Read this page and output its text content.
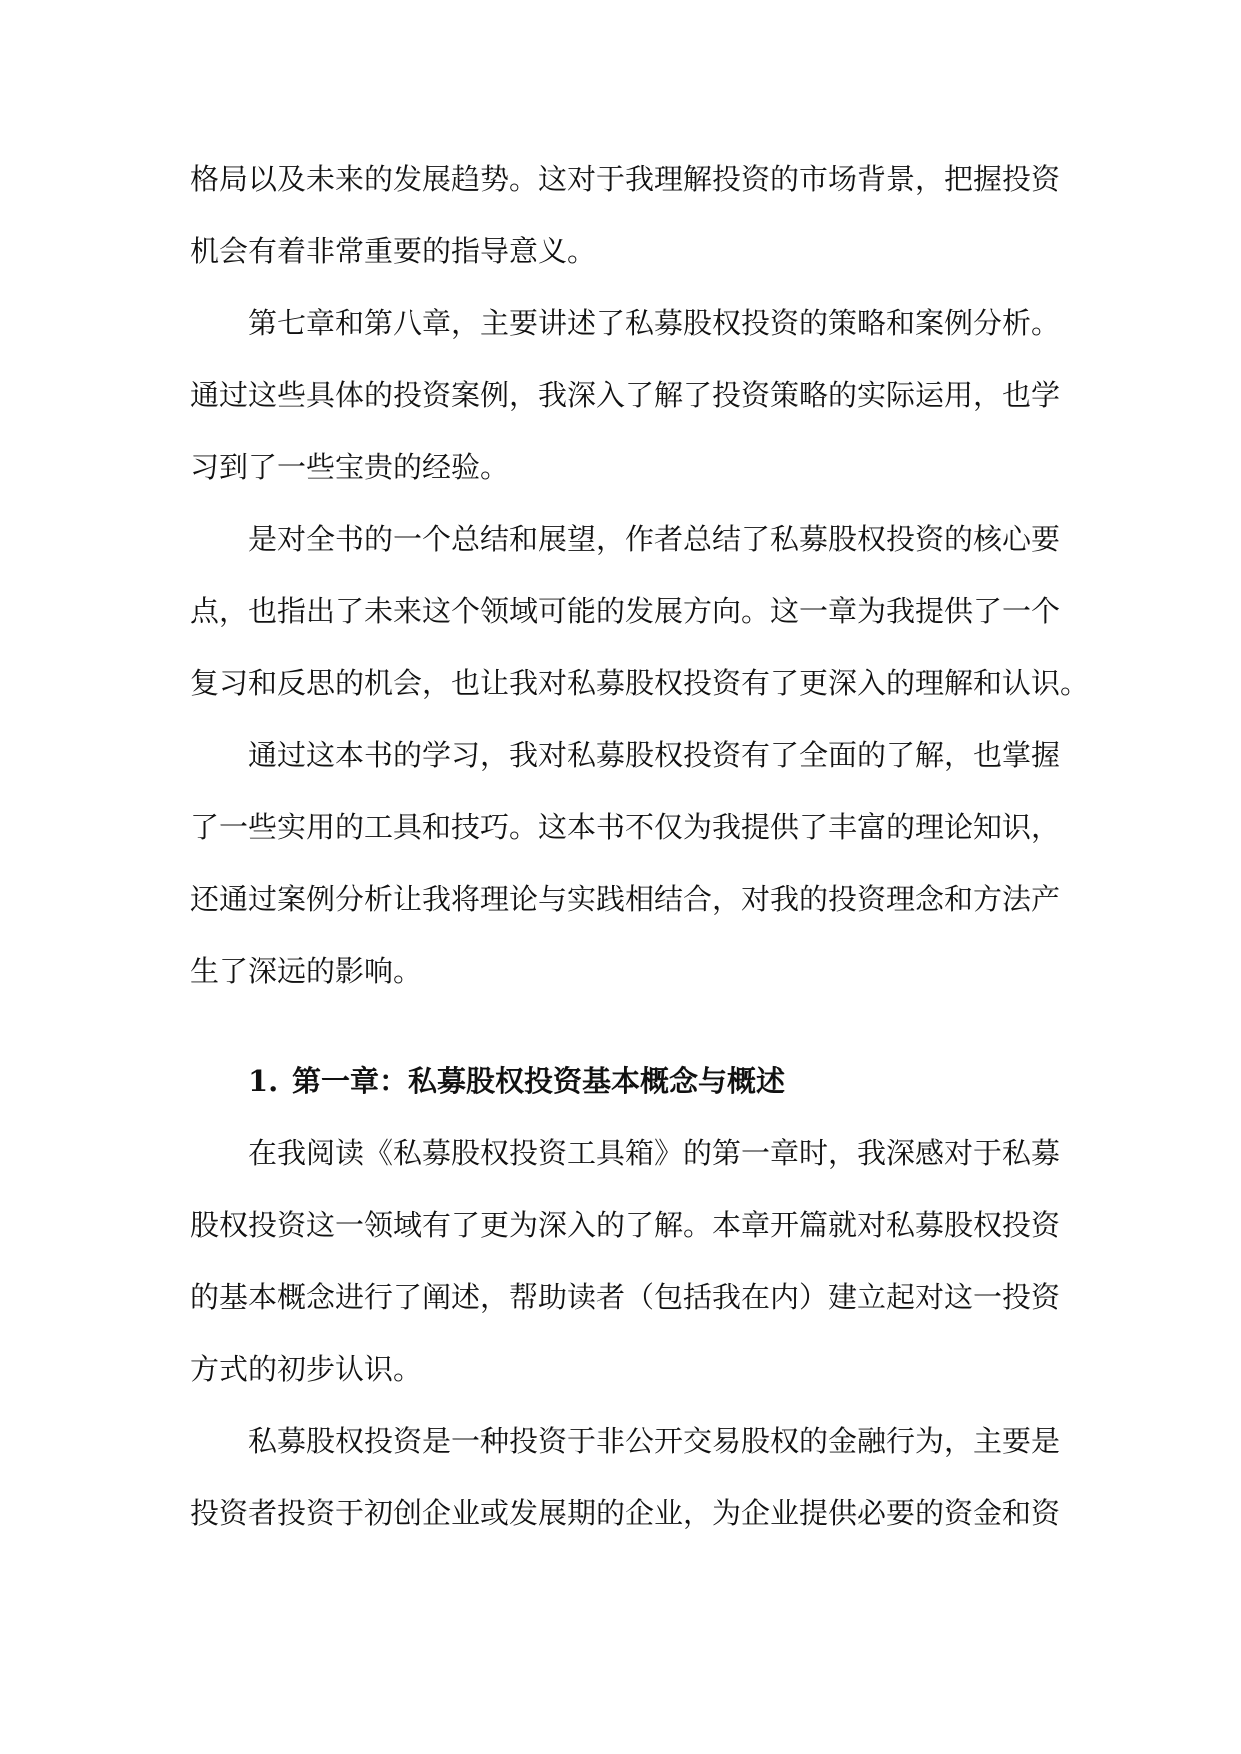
格局以及未来的发展趋势。这对于我理解投资的市场背景，把握投资
机会有着非常重要的指导意义。
第七章和第八章，主要讲述了私募股权投资的策略和案例分析。
通过这些具体的投资案例，我深入了解了投资策略的实际运用，也学
习到了一些宝贵的经验。
是对全书的一个总结和展望，作者总结了私募股权投资的核心要
点，也指出了未来这个领域可能的发展方向。这一章为我提供了一个
复习和反思的机会，也让我对私募股权投资有了更深入的理解和认识。
通过这本书的学习，我对私募股权投资有了全面的了解，也掌握
了一些实用的工具和技巧。这本书不仅为我提供了丰富的理论知识，
还通过案例分析让我将理论与实践相结合，对我的投资理念和方法产
生了深远的影响。
1. 第一章：私募股权投资基本概念与概述
在我阅读《私募股权投资工具箱》的第一章时，我深感对于私募
股权投资这一领域有了更为深入的了解。本章开篇就对私募股权投资
的基本概念进行了阐述，帮助读者（包括我在内）建立起对这一投资
方式的初步认识。
私募股权投资是一种投资于非公开交易股权的金融行为，主要是
投资者投资于初创企业或发展期的企业，为企业提供必要的资金和资
